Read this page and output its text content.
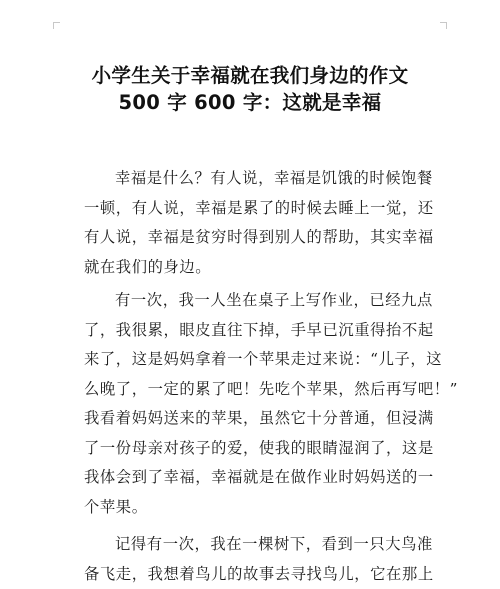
小学生关于幸福就在我们身边的作文
500 字 600 字：这就是幸福
幸福是什么？有人说，幸福是饥饿的时候饱餐
一顿，有人说，幸福是累了的时候去睡上一觉，还
有人说，幸福是贫穷时得到别人的帮助，其实幸福
就在我们的身边。
有一次，我一人坐在桌子上写作业，已经九点
了，我很累，眼皮直往下掉，手早已沉重得抬不起
来了，这是妈妈拿着一个苹果走过来说：“儿子，这
么晚了，一定的累了吧！先吃个苹果，然后再写吧！”
我看着妈妈送来的苹果，虽然它十分普通，但浸满
了一份母亲对孩子的爱，使我的眼睛湿润了，这是
我体会到了幸福，幸福就是在做作业时妈妈送的一
个苹果。
记得有一次，我在一棵树下，看到一只大鸟准
备飞走，我想着鸟儿的故事去寻找鸟儿，它在那上
